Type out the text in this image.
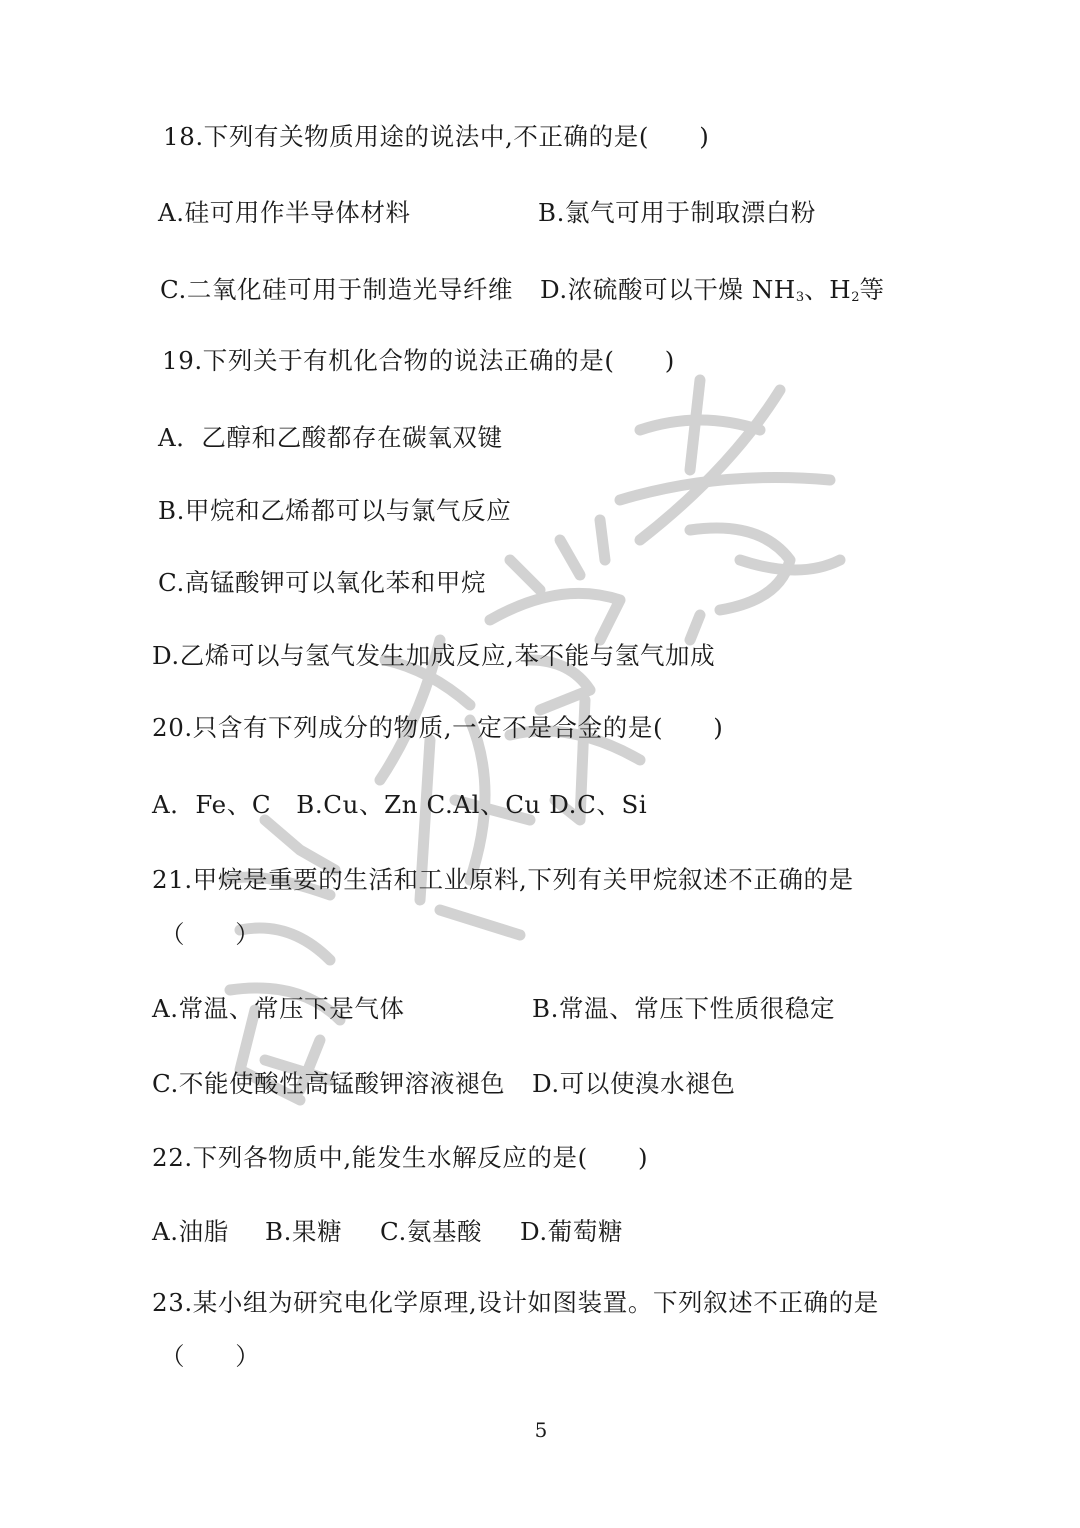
18.下列有关物质用途的说法中,不正确的是(　　)
A.硅可用作半导体材料	B.氯气可用于制取漂白粉
C.二氧化硅可用于制造光导纤维 D.浓硫酸可以干燥 $NH_3$、$H_2$等
19.下列关于有机化合物的说法正确的是(　　)
A．乙醇和乙酸都存在碳氧双键
B.甲烷和乙烯都可以与氯气反应
C.高锰酸钾可以氧化苯和甲烷
D.乙烯可以与氢气发生加成反应,苯不能与氢气加成
20.只含有下列成分的物质,一定不是合金的是(　　)
A．Fe、C　B.Cu、Zn C.Al、Cu D.C、Si
21.甲烷是重要的生活和工业原料,下列有关甲烷叙述不正确的是
（　　）
A.常温、常压下是气体	B.常温、常压下性质很稳定
C.不能使酸性高锰酸钾溶液褪色 D.可以使溴水褪色
22.下列各物质中,能发生水解反应的是(　　)
A.油脂 B.果糖 C.氨基酸 D.葡萄糖
23.某小组为研究电化学原理,设计如图装置。下列叙述不正确的是
（　　）
5
